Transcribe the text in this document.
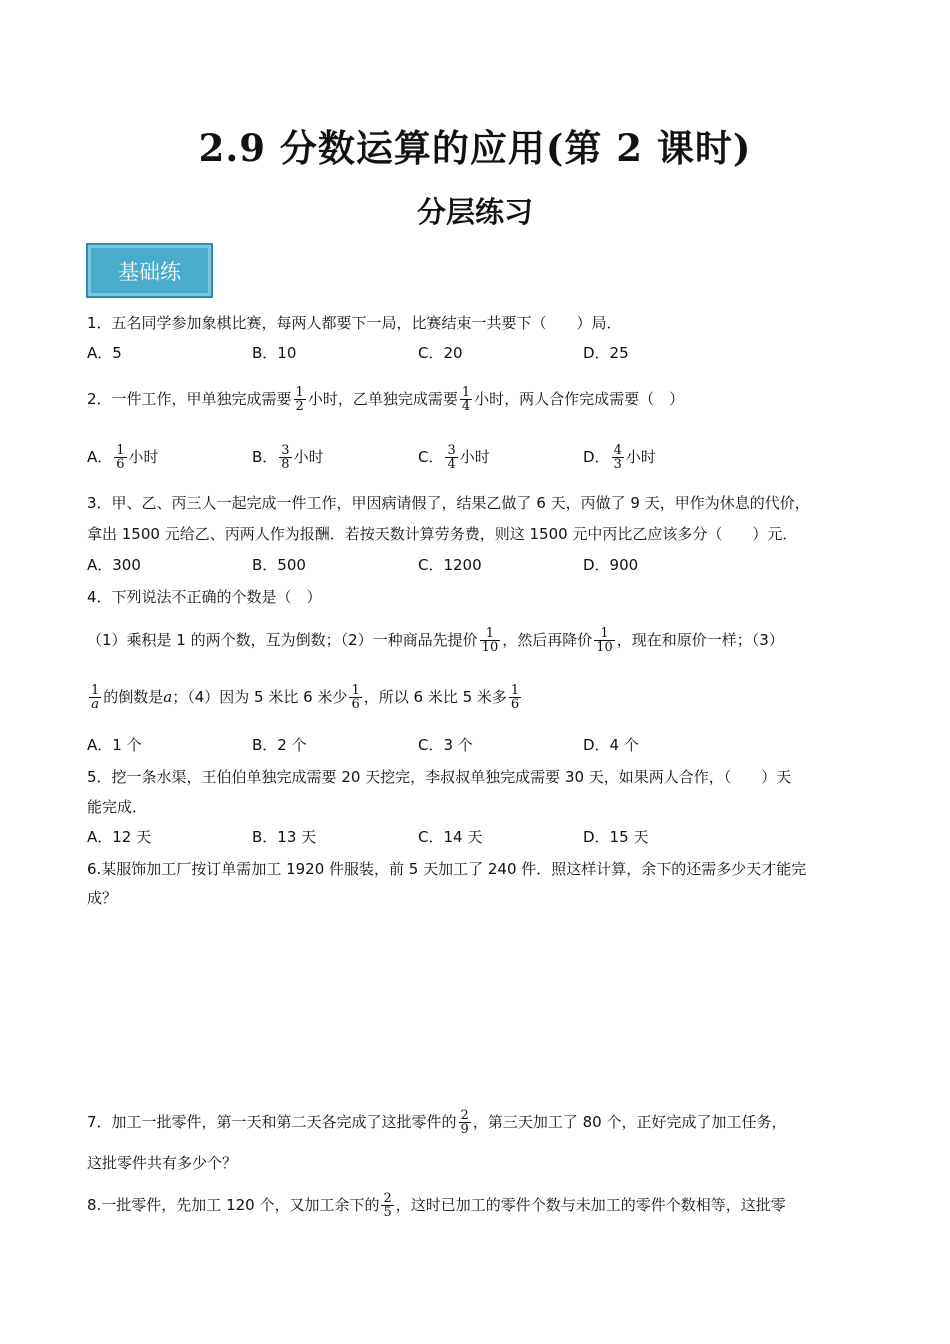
2.9 分数运算的应用(第 2 课时)
分层练习
基础练
1．五名同学参加象棋比赛，每两人都要下一局，比赛结束一共要下（　　）局．
A．5	B．10	C．20	D．25
2．一件工作，甲单独完成需要 $\frac{1}{2}$ 小时，乙单独完成需要 $\frac{1}{4}$ 小时，两人合作完成需要（　）
A． $\frac{1}{6}$ 小时	B． $\frac{3}{8}$ 小时	C． $\frac{3}{4}$ 小时	D． $\frac{4}{3}$ 小时
3．甲、乙、丙三人一起完成一件工作，甲因病请假了，结果乙做了 6 天，丙做了 9 天，甲作为休息的代价，
拿出 1500 元给乙、丙两人作为报酬．若按天数计算劳务费，则这 1500 元中丙比乙应该多分（　　）元．
A．300	B．500	C．1200	D．900
4．下列说法不正确的个数是（　）
（1）乘积是 1 的两个数，互为倒数；（2）一种商品先提价 $\frac{1}{10}$ ，然后再降价 $\frac{1}{10}$ ，现在和原价一样；（3）
$\frac{1}{a}$ 的倒数是a；（4）因为 5 米比 6 米少 $\frac{1}{6}$ ，所以 6 米比 5 米多 $\frac{1}{6}$
A．1 个	B．2 个	C．3 个	D．4 个
5．挖一条水渠，王伯伯单独完成需要 20 天挖完，李叔叔单独完成需要 30 天，如果两人合作，（　　）天
能完成．
A．12 天	B．13 天	C．14 天	D．15 天
6.某服饰加工厂按订单需加工 1920 件服装，前 5 天加工了 240 件．照这样计算，余下的还需多少天才能完
成？
7．加工一批零件，第一天和第二天各完成了这批零件的 $\frac{2}{9}$ ，第三天加工了 80 个，正好完成了加工任务，
这批零件共有多少个？
8.一批零件，先加工 120 个，又加工余下的 $\frac{2}{5}$ ，这时已加工的零件个数与未加工的零件个数相等，这批零
